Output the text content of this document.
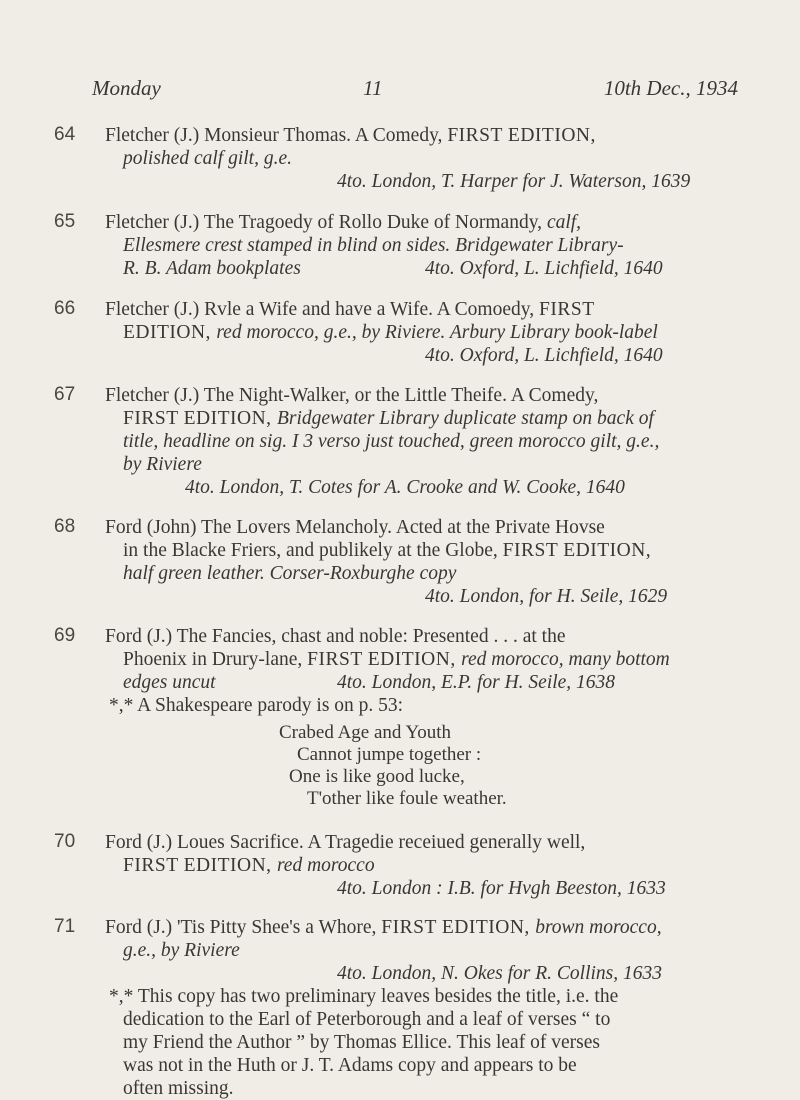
Monday	11	10th Dec., 1934
64	Fletcher (J.) Monsieur Thomas. A Comedy, FIRST EDITION,
polished calf gilt, g.e.
4to. London, T. Harper for J. Waterson, 1639
65	Fletcher (J.) The Tragoedy of Rollo Duke of Normandy, calf,
Ellesmere crest stamped in blind on sides. Bridgewater Library-
R. B. Adam bookplates	4to. Oxford, L. Lichfield, 1640
66	Fletcher (J.) Rvle a Wife and have a Wife. A Comoedy, FIRST
EDITION, red morocco, g.e., by Riviere. Arbury Library book-label
4to. Oxford, L. Lichfield, 1640
67	Fletcher (J.) The Night-Walker, or the Little Theife. A Comedy,
FIRST EDITION, Bridgewater Library duplicate stamp on back of
title, headline on sig. I 3 verso just touched, green morocco gilt, g.e.,
by Riviere
4to. London, T. Cotes for A. Crooke and W. Cooke, 1640
68	Ford (John) The Lovers Melancholy. Acted at the Private Hovse
in the Blacke Friers, and publikely at the Globe, FIRST EDITION,
half green leather. Corser-Roxburghe copy
4to. London, for H. Seile, 1629
69	Ford (J.) The Fancies, chast and noble: Presented . . . at the
Phoenix in Drury-lane, FIRST EDITION, red morocco, many bottom
edges uncut	4to. London, E.P. for H. Seile, 1638
*,* A Shakespeare parody is on p. 53:
Crabed Age and Youth
Cannot jumpe together :
One is like good lucke,
T'other like foule weather.
70	Ford (J.) Loues Sacrifice. A Tragedie receiued generally well,
FIRST EDITION, red morocco
4to. London : I.B. for Hvgh Beeston, 1633
71	Ford (J.) 'Tis Pitty Shee's a Whore, FIRST EDITION, brown morocco,
g.e., by Riviere
4to. London, N. Okes for R. Collins, 1633
*,* This copy has two preliminary leaves besides the title, i.e. the
dedication to the Earl of Peterborough and a leaf of verses “ to
my Friend the Author ” by Thomas Ellice. This leaf of verses
was not in the Huth or J. T. Adams copy and appears to be
often missing.
